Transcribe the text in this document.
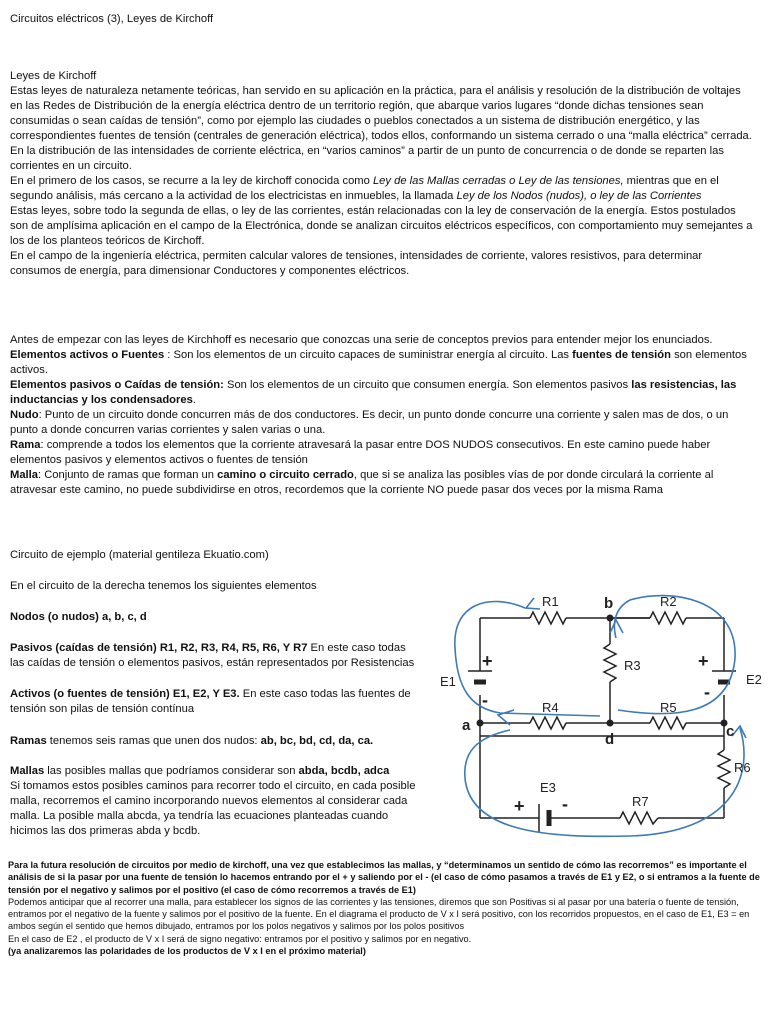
Circuitos eléctricos (3), Leyes de Kirchoff

Leyes de Kirchoff

Estas leyes de naturaleza netamente teóricas, han servido en su aplicación en la práctica, para el análisis y resolución de la distribución de voltajes en las Redes de Distribución de la energía eléctrica dentro de un territorio región, que abarque varios lugares “donde dichas tensiones sean consumidas o sean caídas de tensión”, como por ejemplo las ciudades o pueblos conectados a un sistema de distribución energético, y las correspondientes fuentes de tensión (centrales de generación eléctrica), todos ellos, conformando un sistema cerrado o una “malla eléctrica” cerrada.

En la distribución de las intensidades de corriente eléctrica, en “varios caminos” a partir de un punto de concurrencia o de donde se reparten las corrientes en un circuito.

En el primero de los casos, se recurre a la ley de kirchoff conocida como Ley de las Mallas cerradas o Ley de las tensiones, mientras que en el segundo análisis, más cercano a la actividad de los electricistas en inmuebles, la llamada Ley de los Nodos (nudos), o ley de las Corrientes

Estas leyes, sobre todo la segunda de ellas, o ley de las corrientes, están relacionadas con la ley de conservación de la energía. Estos postulados son de amplísima aplicación en el campo de la Electrónica, donde se analizan circuitos eléctricos específicos, con comportamiento muy semejantes a los de los planteos teóricos de Kirchoff.

En el campo de la ingeniería eléctrica, permiten calcular valores de tensiones, intensidades de corriente, valores resistivos, para determinar consumos de energía, para dimensionar Conductores y componentes eléctricos.

Antes de empezar con las leyes de Kirchhoff es necesario que conozcas una serie de conceptos previos para entender mejor los enunciados.

Elementos activos o Fuentes : Son los elementos de un circuito capaces de suministrar energía al circuito. Las fuentes de tensión son elementos activos.

Elementos pasivos o Caídas de tensión: Son los elementos de un circuito que consumen energía. Son elementos pasivos las resistencias, las inductancias y los condensadores.

Nudo: Punto de un circuito donde concurren más de dos conductores. Es decir, un punto donde concurre una corriente y salen mas de dos, o un punto a donde concurren varias corrientes y salen varias o una.

Rama: comprende a todos los elementos que la corriente atravesará la pasar entre DOS NUDOS consecutivos. En este camino puede haber elementos pasivos y elementos activos o fuentes de tensión

Malla: Conjunto de ramas que forman un camino o circuito cerrado, que si se analiza las posibles vías de por donde circulará la corriente al atravesar este camino, no puede subdividirse en otros, recordemos que la corriente NO puede pasar dos veces por la misma Rama

Circuito de ejemplo (material gentileza Ekuatio.com)

En el circuito de la derecha tenemos los siguientes elementos

Nodos (o nudos) a, b, c, d

Pasivos (caídas de tensión) R1, R2, R3, R4, R5, R6, Y R7 En este caso todas las caídas de tensión o elementos pasivos, están representados por Resistencias

Activos (o fuentes de tensión) E1, E2, Y E3. En este caso todas las fuentes de tensión son pilas de tensión contínua

Ramas tenemos seis ramas que unen dos nudos: ab, bc, bd, cd, da, ca.

Mallas las posibles mallas que podríamos considerar son abda, bcdb, adca

Si tomamos estos posibles caminos para recorrer todo el circuito, en cada posible malla, recorremos el camino incorporando nuevos elementos al considerar cada malla. La posible malla abcda, ya tendría las ecuaciones planteadas cuando hicimos las dos primeras abda y bcdb.

R1	R2
R3
R4	R5
R6
R7
E1	E2
E3
a
b
c
d
+
-
+
-
+ -

Para la futura resolución de circuitos por medio de kirchoff, una vez que establecimos las mallas, y “determinamos un sentido de cómo las recorremos” es importante el análisis de si la pasar por una fuente de tensión lo hacemos entrando por el + y saliendo por el - (el caso de cómo pasamos a través de E1 y E2, o si entramos a la fuente de tensión por el negativo y salimos por el positivo (el caso de cómo recorremos a través de E1)

Podemos anticipar que al recorrer una malla, para establecer los signos de las corrientes y las tensiones, diremos que son Positivas si al pasar por una batería o fuente de tensión, entramos por el negativo de la fuente y salimos por el positivo de la fuente. En el diagrama el producto de V x I será positivo, con los recorridos propuestos, en el caso de E1, E3 = en ambos según el sentido que hemos dibujado, entramos por los polos negativos y salimos por los polos positivos

En el caso de E2 , el producto de V x I será de signo negativo: entramos por el positivo y salimos por en negativo.

(ya analizaremos las polaridades de los productos de V x I en el próximo material)
